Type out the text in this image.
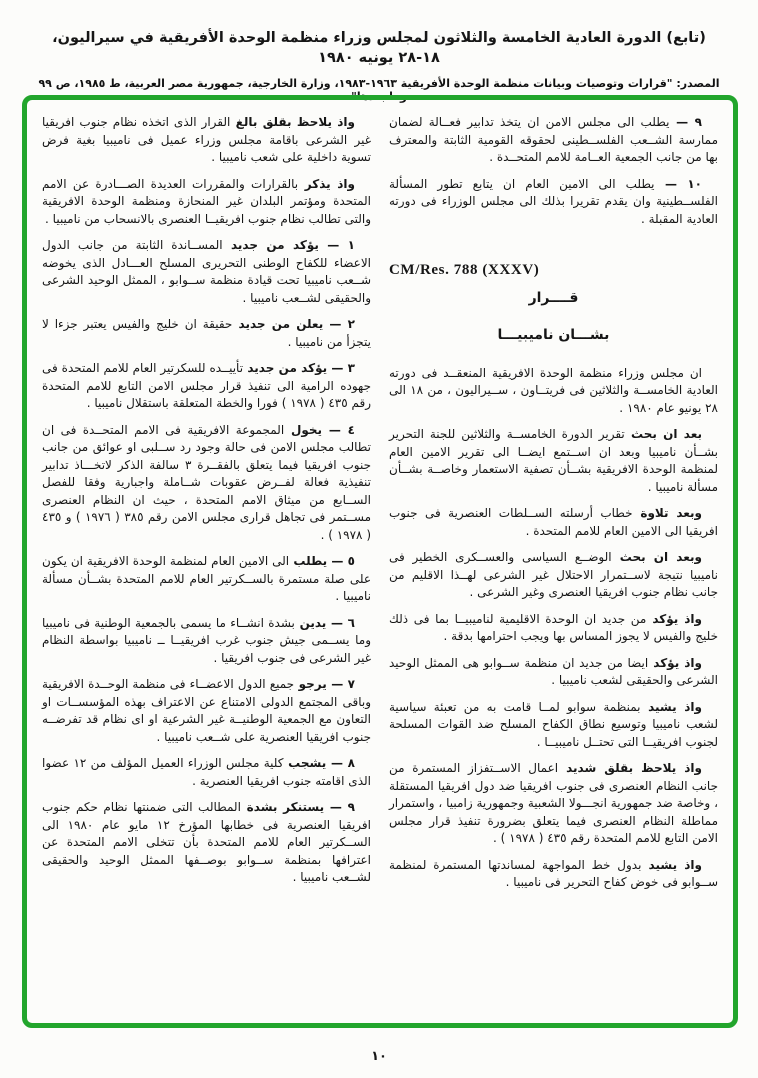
(تابع) الدورة العادية الخامسة والثلاثون لمجلس وزراء منظمة الوحدة الأفريقية في سيراليون، ١٨-٢٨ يونيه ١٩٨٠
المصدر: "قرارات وتوصيات وبيانات منظمة الوحدة الأفريقية ١٩٦٣-١٩٨٣، وزارة الخارجية، جمهورية مصر العربية، ط ١٩٨٥، ص ٩٩ وما بعدها"

٩ — يطلب الى مجلس الامن ان يتخذ تدابير فعــالة لضمان ممارسة الشــعب الفلســطينى لحقوقه القومية الثابتة والمعترف بها من جانب الجمعية العــامة للامم المتحــدة .

١٠ — يطلب الى الامين العام ان يتابع تطور المسألة الفلســطينية وان يقدم تقريرا بذلك الى مجلس الوزراء فى دورته العادية المقبلة .

CM/Res. 788 (XXXV)

قــــرار

بشـــان ناميبيـــا

ان مجلس وزراء منظمة الوحدة الافريقية المنعقــد فى دورته العادية الخامســة والثلاثين فى فريتــاون ، ســيراليون ، من ١٨ الى ٢٨ يونيو عام ١٩٨٠ .

بعد ان بحث تقرير الدورة الخامســة والثلاثين للجنة التحرير بشــأن ناميبيا وبعد ان اســتمع ايضــا الى تقرير الامين العام لمنظمة الوحدة الافريقية بشــأن تصفية الاستعمار وخاصــة بشــأن مسألة ناميبيا .

وبعد تلاوة خطاب أرسلته الســلطات العنصرية فى جنوب افريقيا الى الامين العام للامم المتحدة .

وبعد ان بحث الوضــع السياسى والعســكرى الخطير فى ناميبيا نتيجة لاســتمرار الاحتلال غير الشرعى لهــذا الاقليم من جانب نظام جنوب افريقيا العنصرى وغير الشرعى .

واذ يؤكد من جديد ان الوحدة الاقليمية لناميبيــا بما فى ذلك خليج والفيس لا يجوز المساس بها ويجب احترامها بدقة .

واذ يؤكد ايضا من جديد ان منظمة ســوابو هى الممثل الوحيد الشرعى والحقيقى لشعب ناميبيا .

واذ يشيد بمنظمة سوابو لمــا قامت به من تعبئة سياسية لشعب ناميبيا وتوسيع نطاق الكفاح المسلح ضد القوات المسلحة لجنوب افريقيــا التى تحتــل ناميبيــا .

واذ يلاحظ بقلق شديد اعمال الاســتفزاز المستمرة من جانب النظام العنصرى فى جنوب افريقيا ضد دول افريقيا المستقلة ، وخاصة ضد جمهورية انجـــولا الشعبية وجمهورية زامبيا ، واستمرار مماطلة النظام العنصرى فيما يتعلق بضرورة تنفيذ قرار مجلس الامن التابع للامم المتحدة رقم ٤٣٥ ( ١٩٧٨ ) .

واذ يشيد بدول خط المواجهة لمساندتها المستمرة لمنظمة ســوابو فى خوض كفاح التحرير فى ناميبيا .

واذ يلاحظ بقلق بالغ القرار الذى اتخذه نظام جنوب افريقيا غير الشرعى باقامة مجلس وزراء عميل فى ناميبيا بغية فرض تسوية داخلية على شعب ناميبيا .

واذ يذكر بالقرارات والمقررات العديدة الصـــادرة عن الامم المتحدة ومؤتمر البلدان غير المنحازة ومنظمة الوحدة الافريقية والتى تطالب نظام جنوب افريقيــا العنصرى بالانسحاب من ناميبيا .

١ — يؤكد من جديد المســاندة الثابتة من جانب الدول الاعضاء للكفاح الوطنى التحريرى المسلح العـــادل الذى يخوضه شــعب ناميبيا تحت قيادة منظمة ســوابو ، الممثل الوحيد الشرعى والحقيقى لشــعب ناميبيا .

٢ — يعلن من جديد حقيقة ان خليج والفيس يعتبر جزءا لا يتجزأ من ناميبيا .

٣ — يؤكد من جديد تأييــده للسكرتير العام للامم المتحدة فى جهوده الرامية الى تنفيذ قرار مجلس الامن التابع للامم المتحدة رقم ٤٣٥ ( ١٩٧٨ ) فورا والخطة المتعلقة باستقلال ناميبيا .

٤ — يخول المجموعة الافريقية فى الامم المتحــدة فى ان تطالب مجلس الامن فى حالة وجود رد ســلبى او عوائق من جانب جنوب افريقيا فيما يتعلق بالفقــرة ٣ سالفة الذكر لاتخـــاذ تدابير تنفيذية فعالة لفــرض عقوبات شــاملة واجبارية وفقا للفصل الســابع من ميثاق الامم المتحدة ، حيث ان النظام العنصرى مســتمر فى تجاهل قرارى مجلس الامن رقم ٣٨٥ ( ١٩٧٦ ) و ٤٣٥ ( ١٩٧٨ ) .

٥ — يطلب الى الامين العام لمنظمة الوحدة الافريقية ان يكون على صلة مستمرة بالســكرتير العام للامم المتحدة بشــأن مسألة ناميبيا .

٦ — يدين بشدة انشــاء ما يسمى بالجمعية الوطنية فى ناميبيا وما يســمى جيش جنوب غرب افريقيــا ــ ناميبيا بواسطة النظام غير الشرعى فى جنوب افريقيا .

٧ — يرجو جميع الدول الاعضــاء فى منظمة الوحــدة الافريقية وباقى المجتمع الدولى الامتناع عن الاعتراف بهذه المؤسســات او التعاون مع الجمعية الوطنيــة غير الشرعية او اى نظام قد تفرضــه جنوب افريقيا العنصرية على شــعب ناميبيا .

٨ — يشجب كلية مجلس الوزراء العميل المؤلف من ١٢ عضوا الذى اقامته جنوب افريقيا العنصرية .

٩ — يستنكر بشدة المطالب التى ضمنتها نظام حكم جنوب افريقيا العنصرية فى خطابها المؤرخ ١٢ مايو عام ١٩٨٠ الى الســكرتير العام للامم المتحدة بأن تتخلى الامم المتحدة عن اعترافها بمنظمة ســوابو بوصــفها الممثل الوحيد والحقيقى لشــعب ناميبيا .

١٠
